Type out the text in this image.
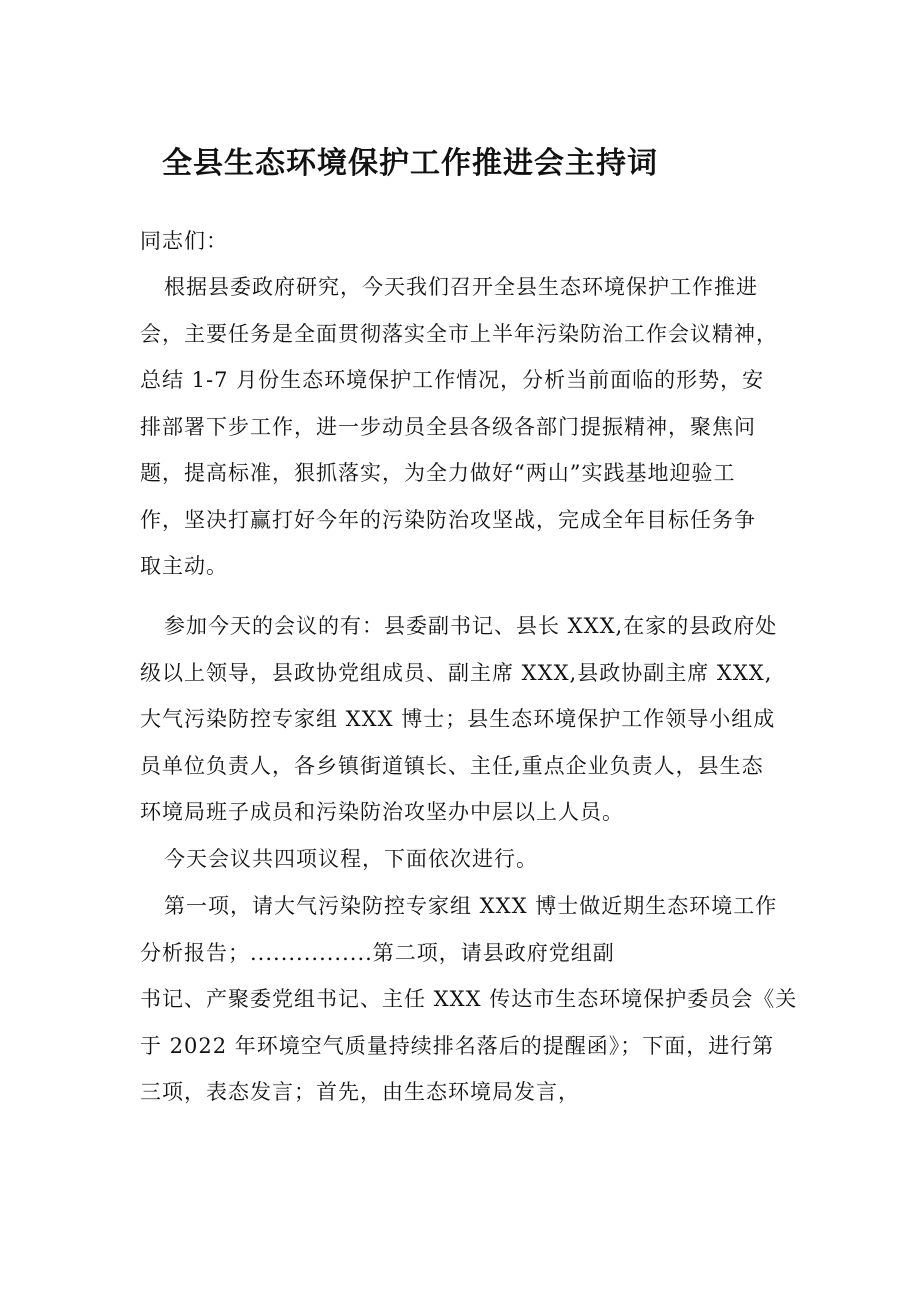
全县生态环境保护工作推进会主持词
同志们：
根据县委政府研究，今天我们召开全县生态环境保护工作推进
会，主要任务是全面贯彻落实全市上半年污染防治工作会议精神，
总结 1-7 月份生态环境保护工作情况，分析当前面临的形势，安
排部署下步工作，进一步动员全县各级各部门提振精神，聚焦问
题，提高标准，狠抓落实，为全力做好“两山”实践基地迎验工
作，坚决打赢打好今年的污染防治攻坚战，完成全年目标任务争
取主动。
参加今天的会议的有：县委副书记、县长 XXX,在家的县政府处
级以上领导，县政协党组成员、副主席 XXX,县政协副主席 XXX,
大气污染防控专家组 XXX 博士；县生态环境保护工作领导小组成
员单位负责人，各乡镇街道镇长、主任,重点企业负责人，县生态
环境局班子成员和污染防治攻坚办中层以上人员。
今天会议共四项议程，下面依次进行。
第一项，请大气污染防控专家组 XXX 博士做近期生态环境工作
分析报告；................第二项，请县政府党组副
书记、产聚委党组书记、主任 XXX 传达市生态环境保护委员会《关
于 2022 年环境空气质量持续排名落后的提醒函》；下面，进行第
三项，表态发言；首先，由生态环境局发言，
